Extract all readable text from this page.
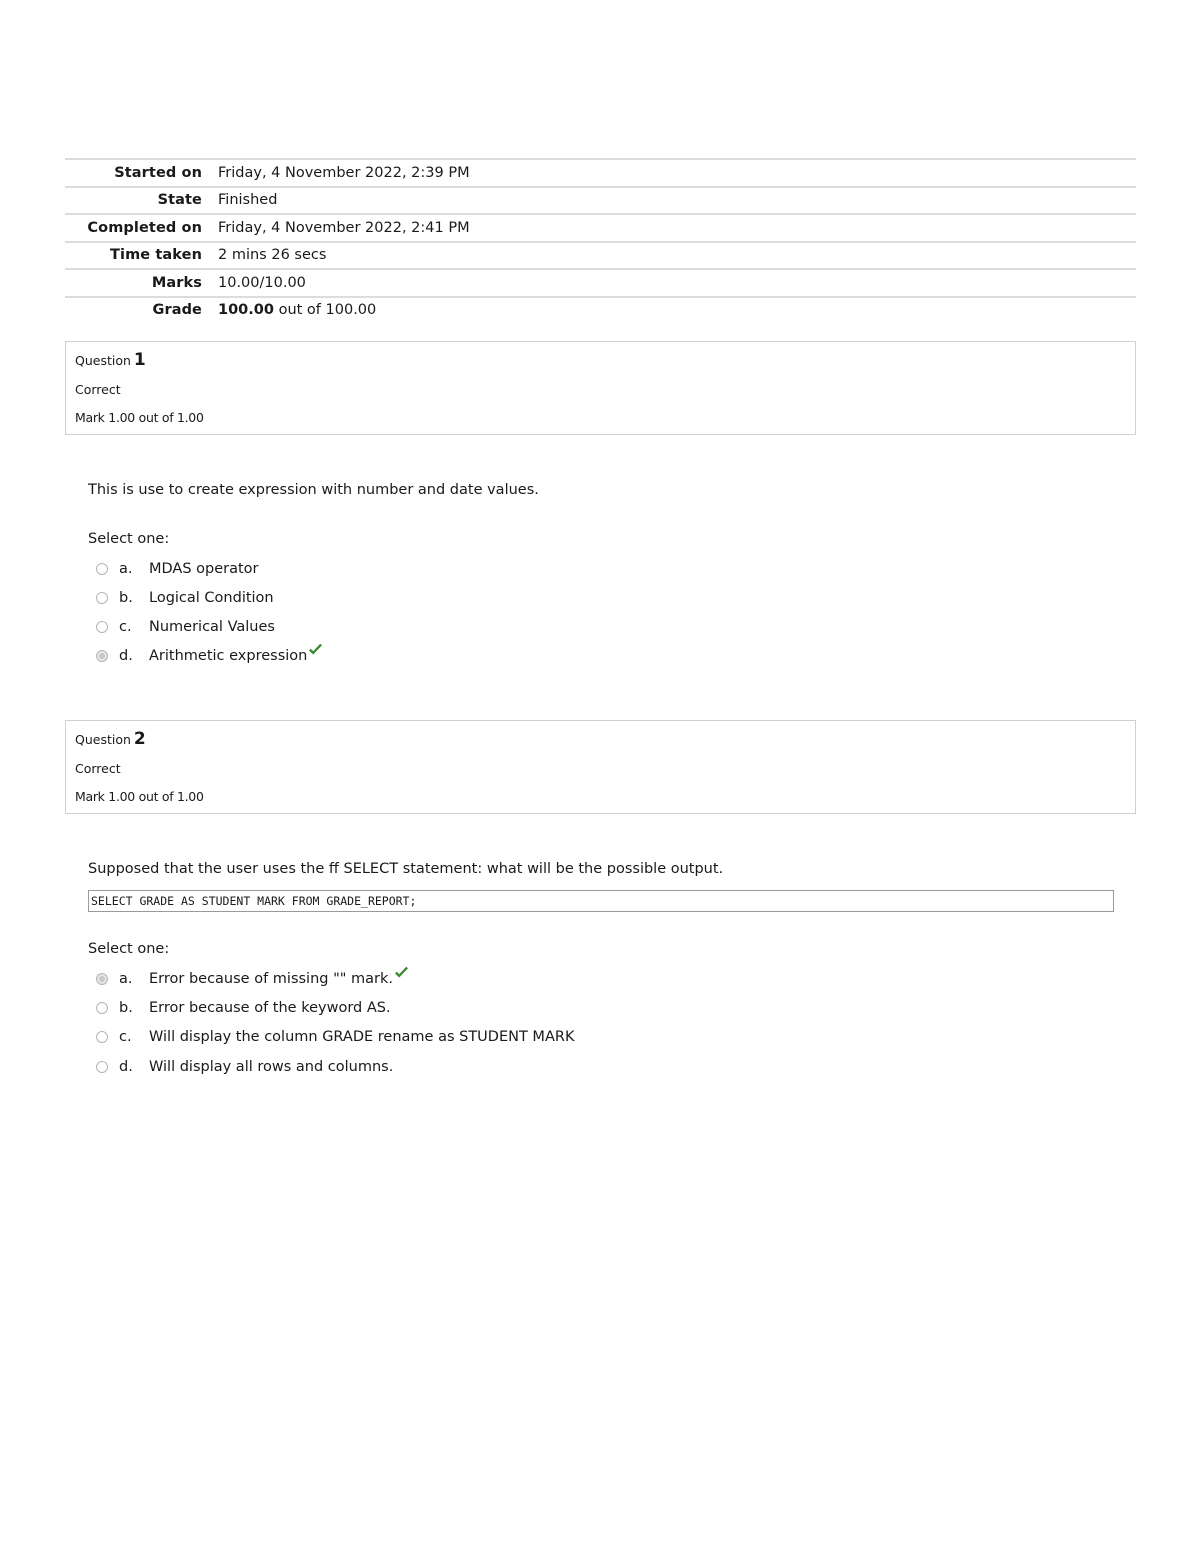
Started on	Friday, 4 November 2022, 2:39 PM
State	Finished
Completed on	Friday, 4 November 2022, 2:41 PM
Time taken	2 mins 26 secs
Marks	10.00/10.00
Grade	100.00 out of 100.00
Question 1
Correct
Mark 1.00 out of 1.00
This is use to create expression with number and date values.
Select one:
a.	MDAS operator
b.	Logical Condition
c.	Numerical Values
d.	Arithmetic expression
Question 2
Correct
Mark 1.00 out of 1.00
Supposed that the user uses the ff SELECT statement: what will be the possible output.
SELECT GRADE AS STUDENT MARK FROM GRADE_REPORT;
Select one:
a.	Error because of missing "" mark.
b.	Error because of the keyword AS.
c.	Will display the column GRADE rename as STUDENT MARK
d.	Will display all rows and columns.
